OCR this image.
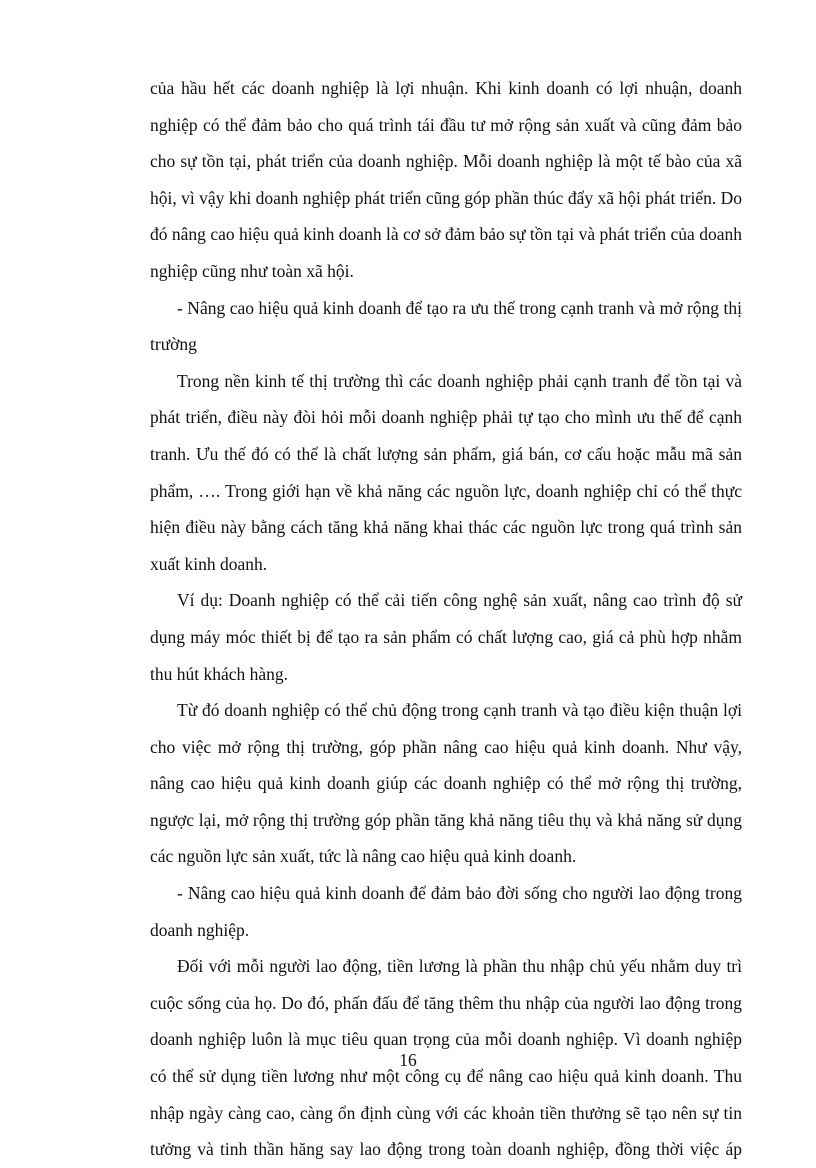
của hầu hết các doanh nghiệp là lợi nhuận. Khi kinh doanh có lợi nhuận, doanh

nghiệp có thể đảm bảo cho quá trình tái đầu tư mở rộng sản xuất và cũng đảm bảo

cho sự tồn tại, phát triển của doanh nghiệp. Mỗi doanh nghiệp là một tế bào của xã

hội, vì vậy khi doanh nghiệp phát triển cũng góp phần thúc đẩy xã hội phát triển. Do

đó nâng cao hiệu quả kinh doanh là cơ sở đảm bảo sự tồn tại và phát triển của doanh

nghiệp cũng như toàn xã hội.

- Nâng cao hiệu quả kinh doanh để tạo ra ưu thế trong cạnh tranh và mở rộng thị

trường

Trong nền kinh tế thị trường thì các doanh nghiệp phải cạnh tranh để tồn tại và

phát triển, điều này đòi hỏi mỗi doanh nghiệp phải tự tạo cho mình ưu thế để cạnh

tranh. Ưu thế đó có thể là chất lượng sản phẩm, giá bán, cơ cấu hoặc mẫu mã sản

phẩm, …. Trong giới hạn về khả năng các nguồn lực, doanh nghiệp chỉ có thể thực

hiện điều này bằng cách tăng khả năng khai thác các nguồn lực trong quá trình sản

xuất kinh doanh.

Ví dụ: Doanh nghiệp có thể cải tiến công nghệ sản xuất, nâng cao trình độ sử

dụng máy móc thiết bị để tạo ra sản phẩm có chất lượng cao, giá cả phù hợp nhằm

thu hút khách hàng.

Từ đó doanh nghiệp có thể chủ động trong cạnh tranh và tạo điều kiện thuận lợi

cho việc mở rộng thị trường, góp phần nâng cao hiệu quả kinh doanh. Như vậy,

nâng cao hiệu quả kinh doanh giúp các doanh nghiệp có thể mở rộng thị trường,

ngược lại, mở rộng thị trường góp phần tăng khả năng tiêu thụ và khả năng sử dụng

các nguồn lực sản xuất, tức là nâng cao hiệu quả kinh doanh.

- Nâng cao hiệu quả kinh doanh để đảm bảo đời sống cho người lao động trong

doanh nghiệp.

Đối với mỗi người lao động, tiền lương là phần thu nhập chủ yếu nhằm duy trì

cuộc sống của họ. Do đó, phấn đấu để tăng thêm thu nhập của người lao động trong

doanh nghiệp luôn là mục tiêu quan trọng của mỗi doanh nghiệp. Vì doanh nghiệp

có thể sử dụng tiền lương như một công cụ để nâng cao hiệu quả kinh doanh. Thu

nhập ngày càng cao, càng ổn định cùng với các khoản tiền thưởng sẽ tạo nên sự tin

tưởng và tinh thần hăng say lao động trong toàn doanh nghiệp, đồng thời việc áp

16
